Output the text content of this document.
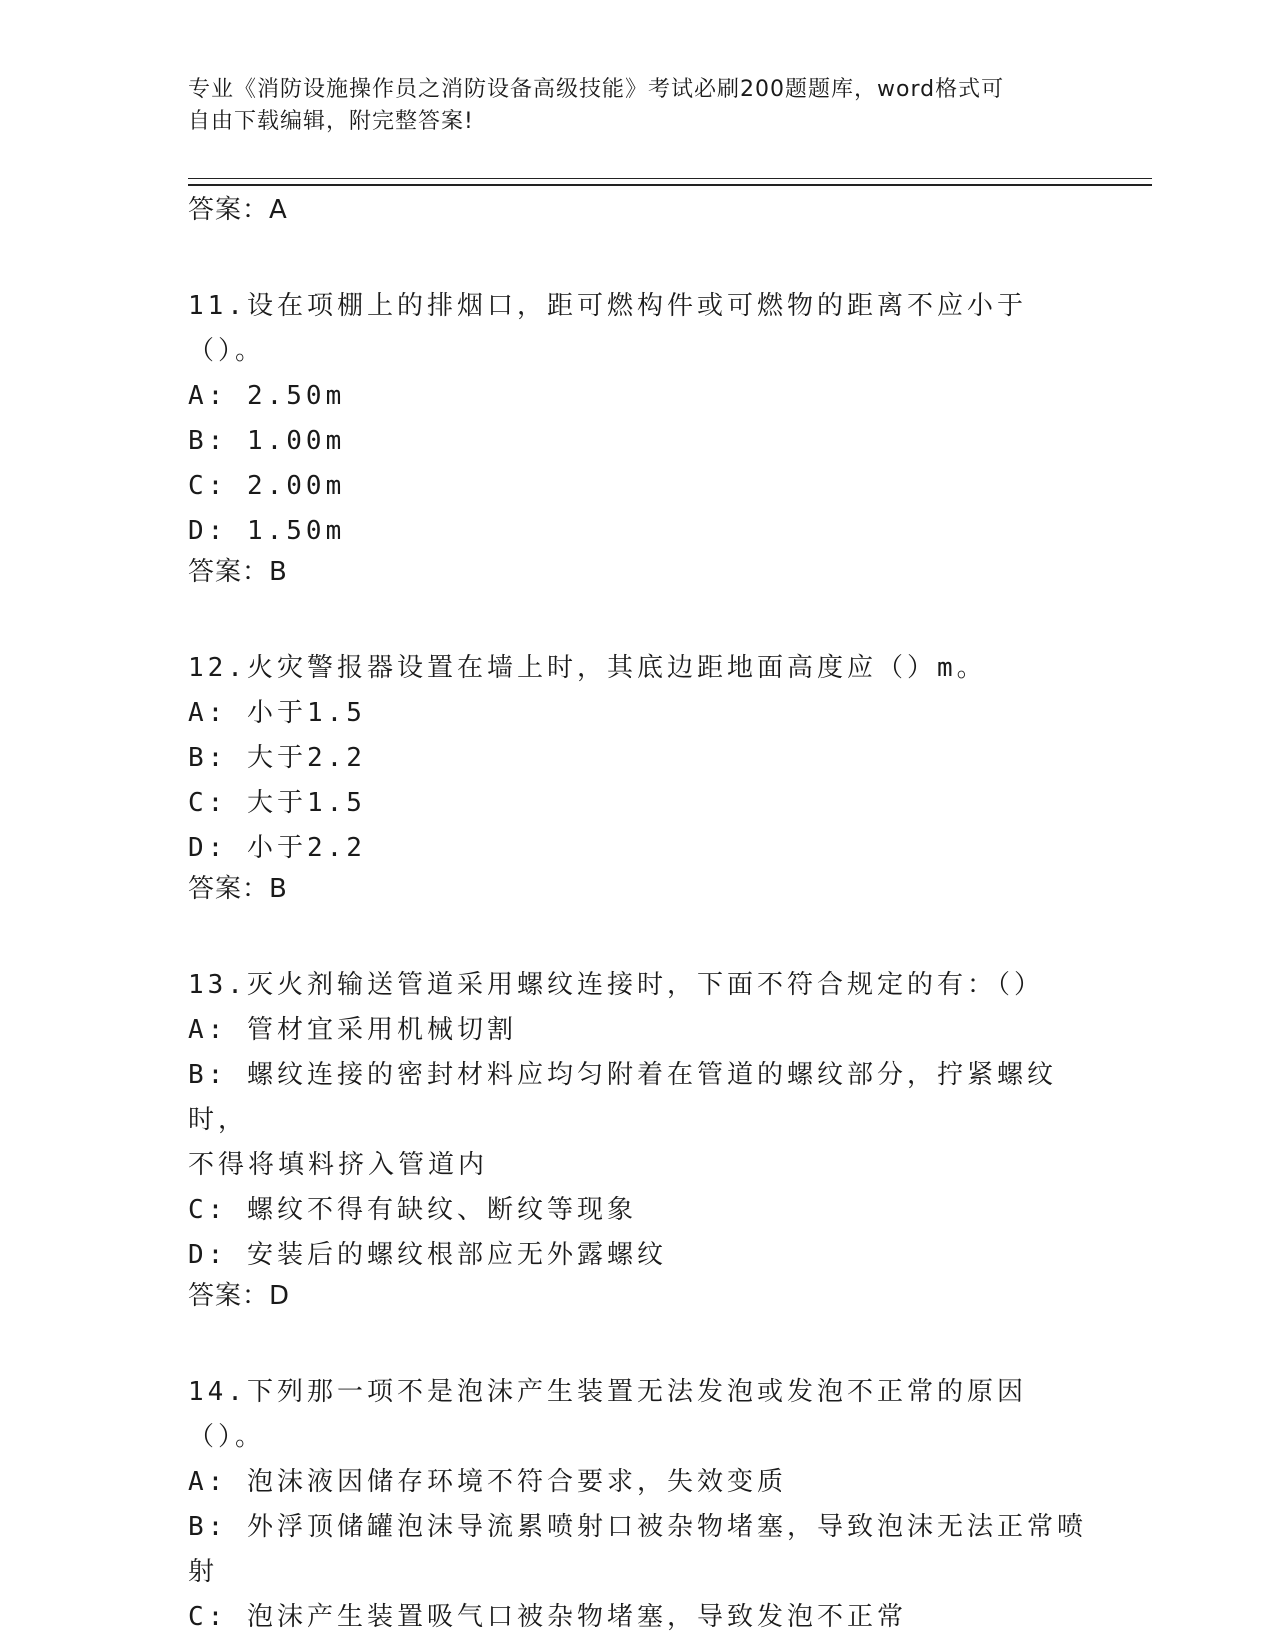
专业《消防设施操作员之消防设备高级技能》考试必刷200题题库，word格式可
自由下载编辑，附完整答案!
答案：A
11.设在项棚上的排烟口，距可燃构件或可燃物的距离不应小于（）。
A: 2.50m
B: 1.00m
C: 2.00m
D: 1.50m
答案：B
12.火灾警报器设置在墙上时，其底边距地面高度应（）m。
A: 小于1.5
B: 大于2.2
C: 大于1.5
D: 小于2.2
答案：B
13.灭火剂输送管道采用螺纹连接时，下面不符合规定的有：（）
A: 管材宜采用机械切割
B: 螺纹连接的密封材料应均匀附着在管道的螺纹部分，拧紧螺纹时，
不得将填料挤入管道内
C: 螺纹不得有缺纹、断纹等现象
D: 安装后的螺纹根部应无外露螺纹
答案：D
14.下列那一项不是泡沫产生装置无法发泡或发泡不正常的原因（）。
A: 泡沫液因储存环境不符合要求，失效变质
B: 外浮顶储罐泡沫导流累喷射口被杂物堵塞，导致泡沫无法正常喷射
C: 泡沫产生装置吸气口被杂物堵塞，导致发泡不正常
